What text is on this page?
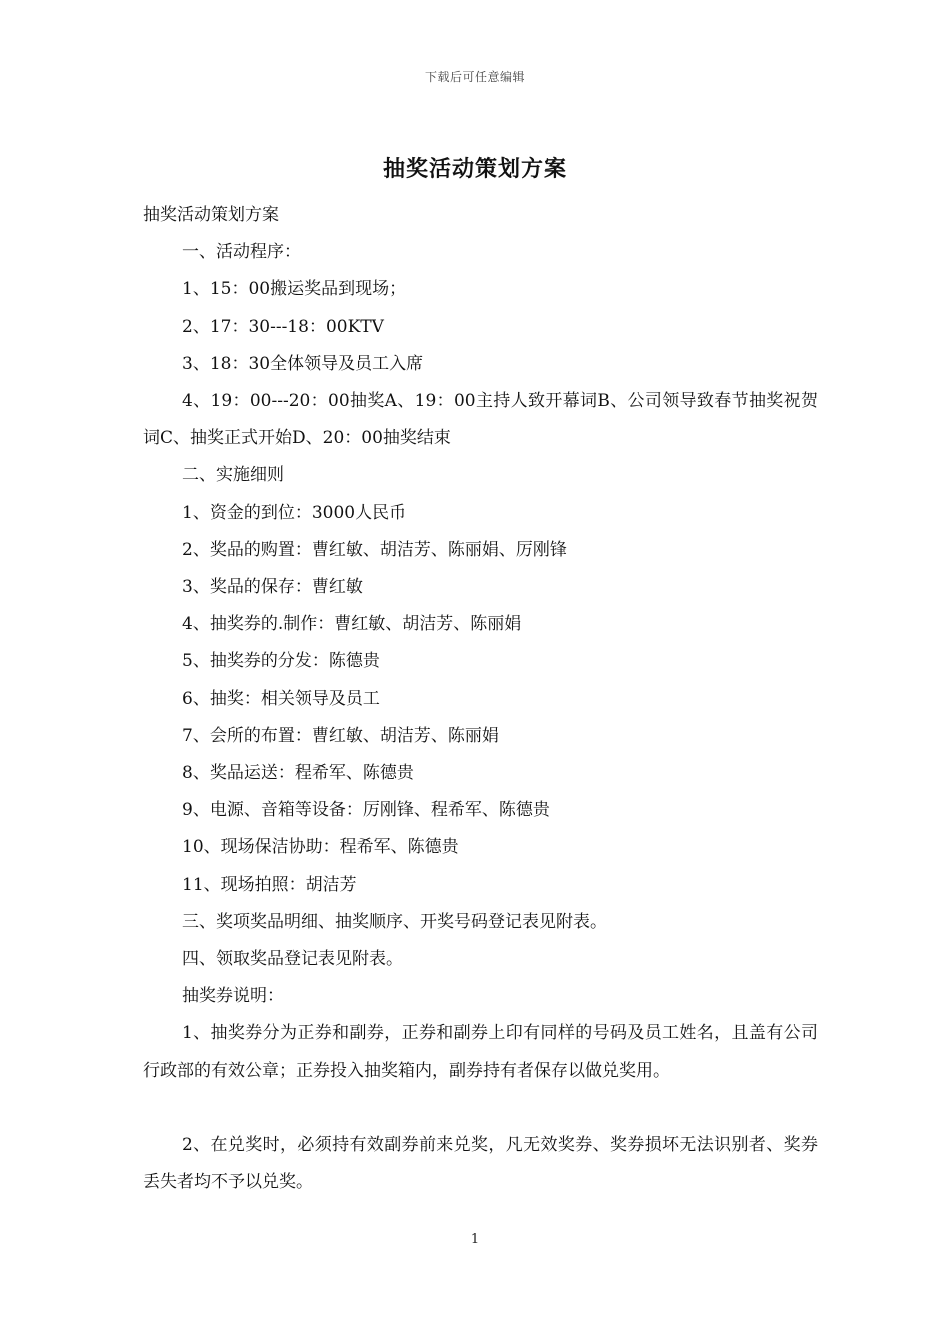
下载后可任意编辑
抽奖活动策划方案

抽奖活动策划方案

一、活动程序：

1、15：00搬运奖品到现场；

2、17：30---18：00KTV

3、18：30全体领导及员工入席

4、19：00---20：00抽奖A、19：00主持人致开幕词B、公司领导致春节抽奖祝贺词C、抽奖正式开始D、20：00抽奖结束

二、实施细则

1、资金的到位：3000人民币

2、奖品的购置：曹红敏、胡洁芳、陈丽娟、厉刚锋

3、奖品的保存：曹红敏

4、抽奖券的.制作：曹红敏、胡洁芳、陈丽娟

5、抽奖券的分发：陈德贵

6、抽奖：相关领导及员工

7、会所的布置：曹红敏、胡洁芳、陈丽娟

8、奖品运送：程希军、陈德贵

9、电源、音箱等设备：厉刚锋、程希军、陈德贵

10、现场保洁协助：程希军、陈德贵

11、现场拍照：胡洁芳

三、奖项奖品明细、抽奖顺序、开奖号码登记表见附表。

四、领取奖品登记表见附表。

抽奖券说明：

1、抽奖券分为正券和副券，正券和副券上印有同样的号码及员工姓名，且盖有公司行政部的有效公章；正券投入抽奖箱内，副券持有者保存以做兑奖用。

2、在兑奖时，必须持有效副券前来兑奖，凡无效奖券、奖券损坏无法识别者、奖券丢失者均不予以兑奖。

1
